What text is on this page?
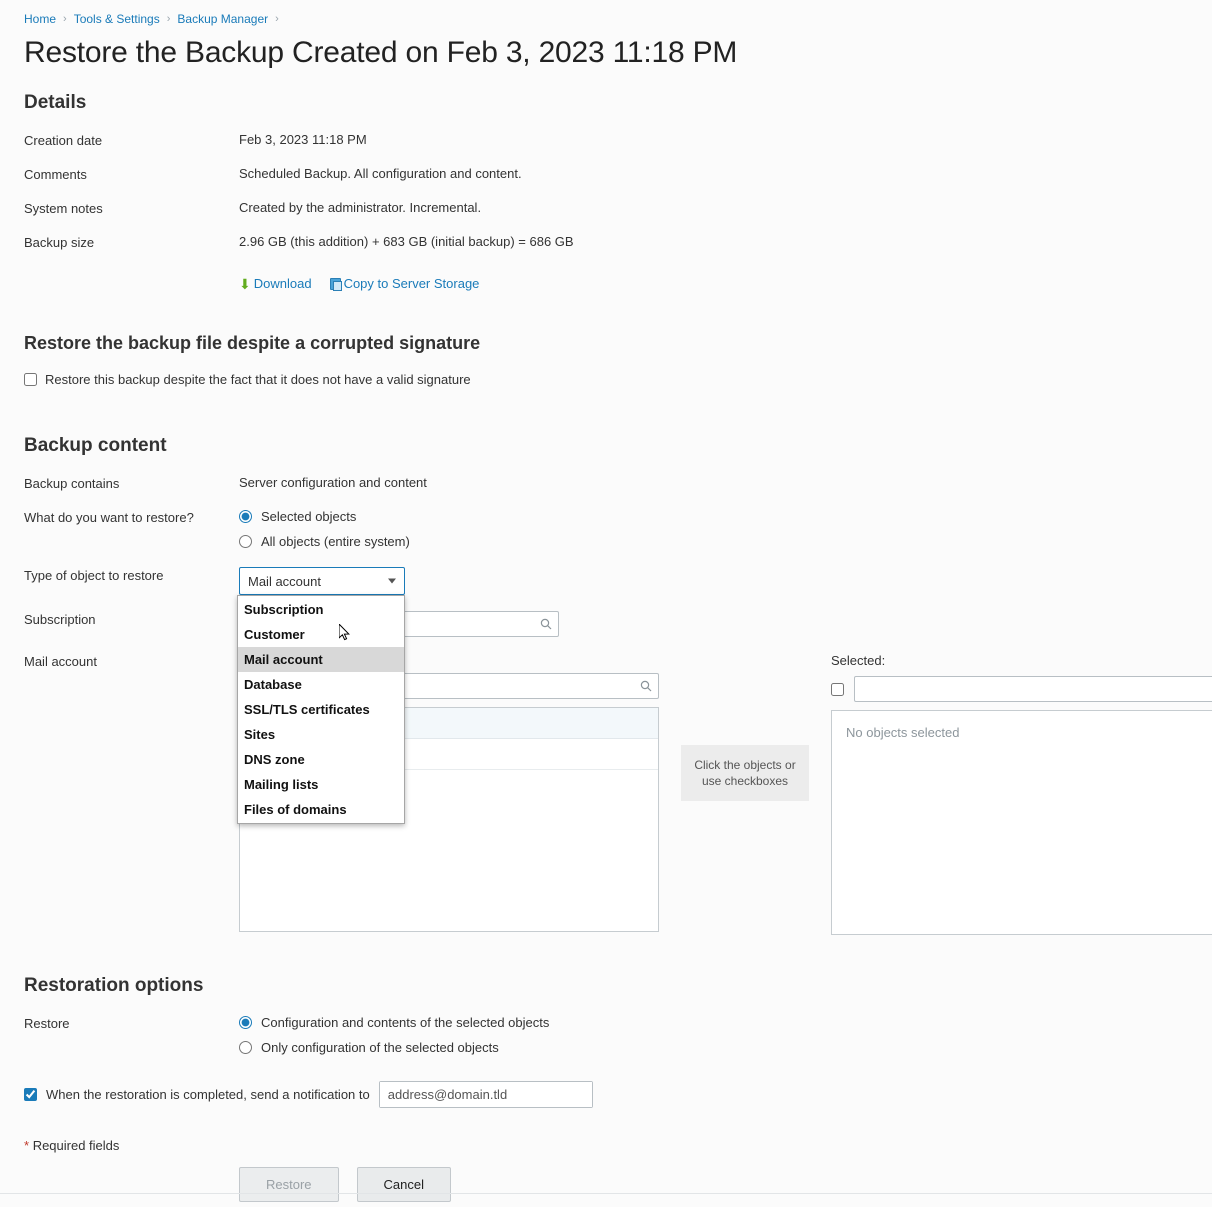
Home › Tools & Settings › Backup Manager ›
Restore the Backup Created on Feb 3, 2023 11:18 PM
Details
Creation date	Feb 3, 2023 11:18 PM
Comments	Scheduled Backup. All configuration and content.
System notes	Created by the administrator. Incremental.
Backup size	2.96 GB (this addition) + 683 GB (initial backup) = 686 GB
⬇ Download Copy to Server Storage
Restore the backup file despite a corrupted signature
Restore this backup despite the fact that it does not have a valid signature
Backup content
Backup contains	Server configuration and content
What do you want to restore?	Selected objects
All objects (entire system)
Type of object to restore	Mail account
Subscription
Customer
Mail account
Database
SSL/TLS certificates
Sites
DNS zone
Mailing lists
Files of domains
Subscription
Mail account
Click the objects or use checkboxes
Selected:
No objects selected
Restoration options
Restore	Configuration and contents of the selected objects
Only configuration of the selected objects
When the restoration is completed, send a notification to
address@domain.tld
* Required fields
Restore	Cancel
